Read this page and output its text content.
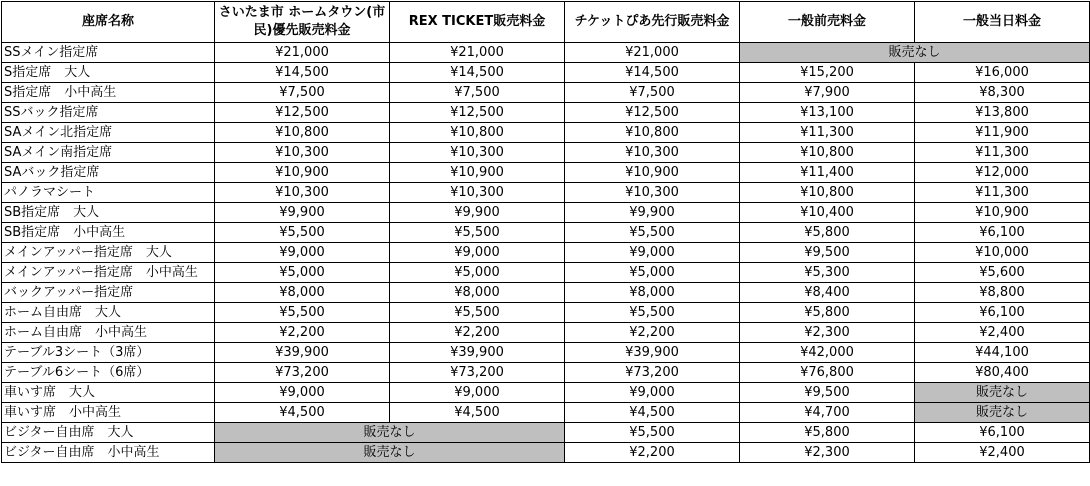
座席名称	さいたま市 ホームタウン(市民)優先販売料金	REX TICKET販売料金	チケットぴあ先行販売料金	一般前売料金	一般当日料金
SSメイン指定席	¥21,000	¥21,000	¥21,000	販売なし	
S指定席　大人	¥14,500	¥14,500	¥14,500	¥15,200	¥16,000
S指定席　小中高生	¥7,500	¥7,500	¥7,500	¥7,900	¥8,300
SSバック指定席	¥12,500	¥12,500	¥12,500	¥13,100	¥13,800
SAメイン北指定席	¥10,800	¥10,800	¥10,800	¥11,300	¥11,900
SAメイン南指定席	¥10,300	¥10,300	¥10,300	¥10,800	¥11,300
SAバック指定席	¥10,900	¥10,900	¥10,900	¥11,400	¥12,000
パノラマシート	¥10,300	¥10,300	¥10,300	¥10,800	¥11,300
SB指定席　大人	¥9,900	¥9,900	¥9,900	¥10,400	¥10,900
SB指定席　小中高生	¥5,500	¥5,500	¥5,500	¥5,800	¥6,100
メインアッパー指定席　大人	¥9,000	¥9,000	¥9,000	¥9,500	¥10,000
メインアッパー指定席　小中高生	¥5,000	¥5,000	¥5,000	¥5,300	¥5,600
バックアッパー指定席	¥8,000	¥8,000	¥8,000	¥8,400	¥8,800
ホーム自由席　大人	¥5,500	¥5,500	¥5,500	¥5,800	¥6,100
ホーム自由席　小中高生	¥2,200	¥2,200	¥2,200	¥2,300	¥2,400
テーブル3シート（3席）	¥39,900	¥39,900	¥39,900	¥42,000	¥44,100
テーブル6シート（6席）	¥73,200	¥73,200	¥73,200	¥76,800	¥80,400
車いす席　大人	¥9,000	¥9,000	¥9,000	¥9,500	販売なし
車いす席　小中高生	¥4,500	¥4,500	¥4,500	¥4,700	販売なし
ビジター自由席　大人	販売なし		¥5,500	¥5,800	¥6,100
ビジター自由席　小中高生	販売なし		¥2,200	¥2,300	¥2,400
